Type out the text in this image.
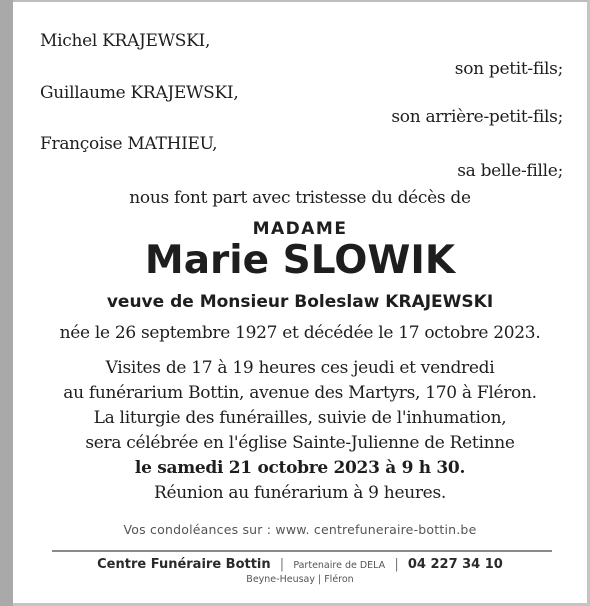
Michel KRAJEWSKI,
son petit-fils;
Guillaume KRAJEWSKI,
son arrière-petit-fils;
Françoise MATHIEU,
sa belle-fille;
nous font part avec tristesse du décès de
MADAME
Marie SLOWIK
veuve de Monsieur Boleslaw KRAJEWSKI
née le 26 septembre 1927 et décédée le 17 octobre 2023.
Visites de 17 à 19 heures ces jeudi et vendredi
au funérarium Bottin, avenue des Martyrs, 170 à Fléron.
La liturgie des funérailles, suivie de l'inhumation,
sera célébrée en l'église Sainte-Julienne de Retinne
le samedi 21 octobre 2023 à 9 h 30.
Réunion au funérarium à 9 heures.
Vos condoléances sur : www. centrefuneraire-bottin.be
Centre Funéraire Bottin | Partenaire de DELA | 04 227 34 10
Beyne-Heusay | Fléron
